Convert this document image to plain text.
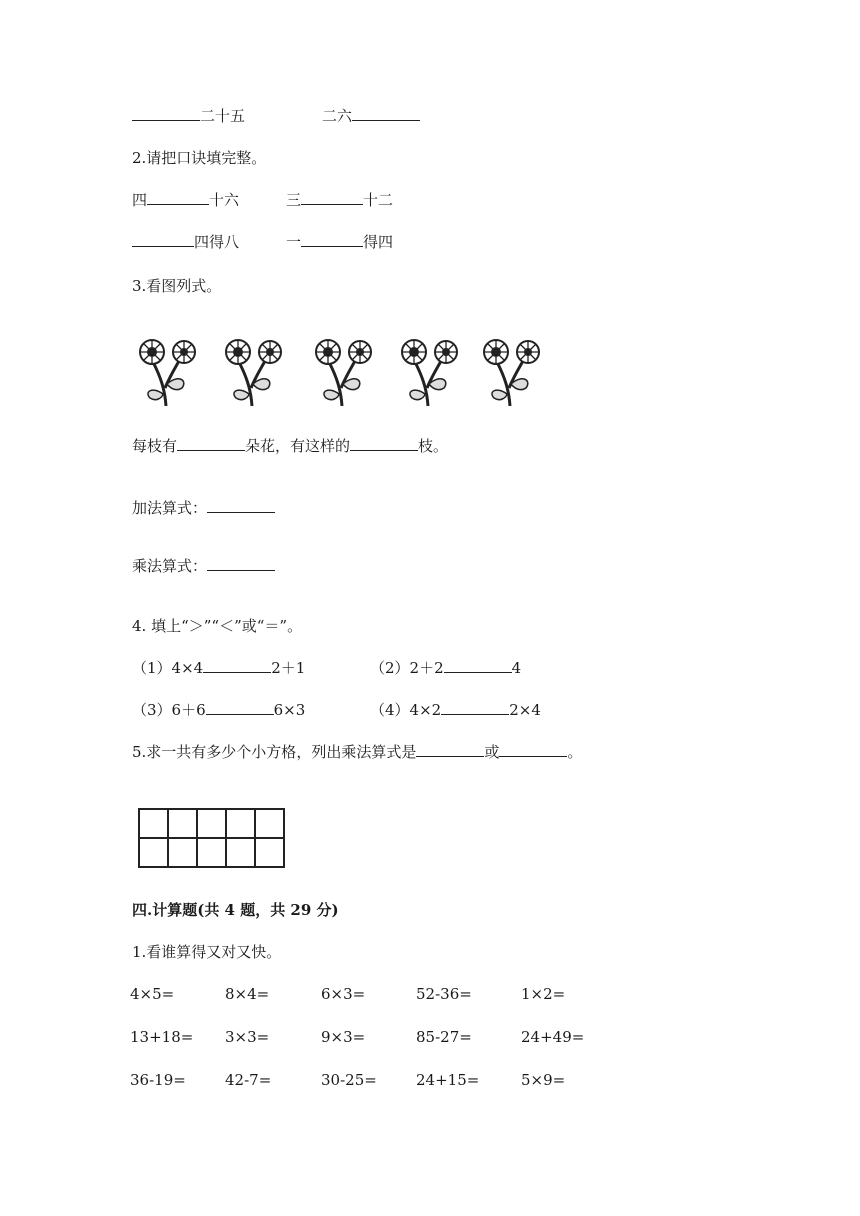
二十五	二六
2.请把口诀填完整。
四	十六	三	十二
四得八	一	得四
3.看图列式。
每枝有	朵花，有这样的	枝。
加法算式：
乘法算式：
4. 填上“＞”“＜”或“＝”。
（1）4×4	2＋1	（2）2＋2	4
（3）6＋6	6×3	（4）4×2	2×4
5.求一共有多少个小方格，列出乘法算式是	或	。

四.计算题(共 4 题，共 29 分)
1.看谁算得又对又快。
4×5=	8×4=	6×3=	52-36=	1×2=
13+18= 3×3=	9×3=	85-27=	24+49=
36-19=	42-7=	30-25=	24+15=	5×9=
